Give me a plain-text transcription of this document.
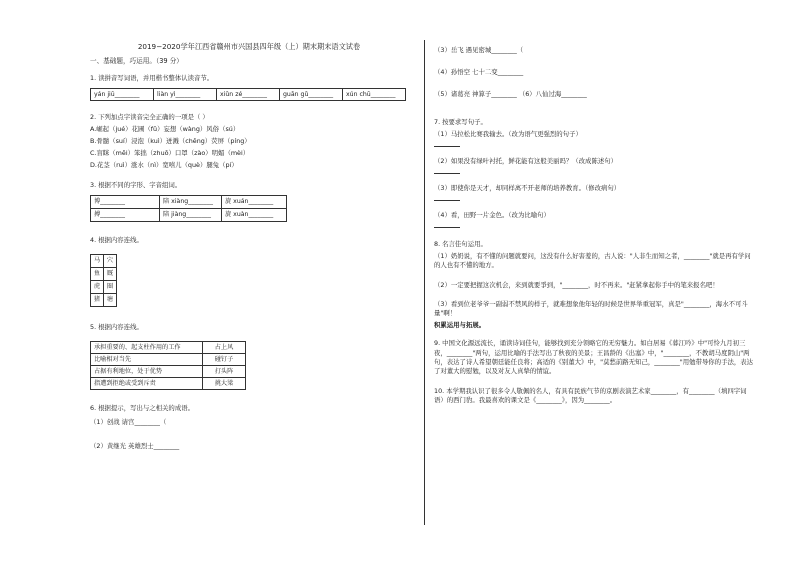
2019−2020学年江西省赣州市兴国县四年级（上）期末期末语文试卷
一、基础题，巧运用。（39 分）
1. 读拼音写词语，并用楷书整体认读音节。
yán jiū________	liàn yì________	xiǔn zé________	guān gǔ________	xún chū________
2. 下列加点字读音完全正确的一项是（ ）
A.崛起（jué）花圃（fǔ）妄想（wàng）风俗（sú）
B.骨髓（suí）浸泡（kuì）迸溅（chěng）荧屏（píng）
C.盲眯（mēi）笨拙（zhuō）口罩（zào）明媚（mèi）
D.花茎（ruì）涨水（nì）宽嘻儿（què）腿兔（pí）
3. 根据不同的字形、字音组词。
博________	陪 xiàng________	旋 xuán________
搏________	陪 jiàng________	旋 xuàn________
4. 根据内容连线。
马	穴
鱼	厩
虎	圈
猪	塘
5. 根据内容连线。
承担重要的、起支柱作用的工作	占上风
比喻相对当先	碰钉子
占据有利地位，处于优势	打头阵
指遭到拒绝或受到斥责	挑大梁
6. 根据提示，写出与之相关的成语。
（1）创战 请宫________（
（2）黄继光 英雄烈士________
（3）岳飞 遇见密城________（
（4）孙悟空 七十二变________
（5）诸葛亮 神算子________ （6）八仙过海________
7. 按要求写句子。
（1）马拉松比赛我输去。（改为语气更强烈的句子）
（2）如果没有绿叶衬托，鲜花能有这般美丽吗？（改成陈述句）
（3）即使你是天才，却同样离不开老师的培养教育。（修改病句）
（4）看，田野一片金色。（改为比喻句）
8. 名言佳句运用。
（1）奶奶说，有不懂的问题就要问，这没有什么好害羞的，古人说："人非生而知之者，________"就是再有学问的人也有不懂的地方。
（2）一定要把握这次机会，来到就要爭到，"________，时不再来。"赶紧拿起你手中的笔来报名吧！
（3）看到位老爷爷一副弱不禁风的样子，就难想象他年轻的时候是世界举重冠军，真是"________，海水不可斗量"啊！
积累运用与拓展。
9. 中国文化源远流长，诵读诗词佳句，能够找到充分领略它的无穷魅力。如白居易《暮江吟》中"可怜九月初三夜，________"两句，运用比喻的手法写出了秋夜的美景；王昌龄的《出塞》中，"________，不教胡马度阴山"两句，表达了诗人希望朝廷能任良将；高适的《别董大》中，"莫愁前路无知己，________"用勉带导你的手法，表达了对董大的慰勉，以及对友人真挚的情谊。
10. 本学期我认识了很多令人敬佩的名人，有具有民族气节的京剧表演艺术家________，有________（填四字词语）的西门豹。我最喜欢的课文是《________》，因为________。
